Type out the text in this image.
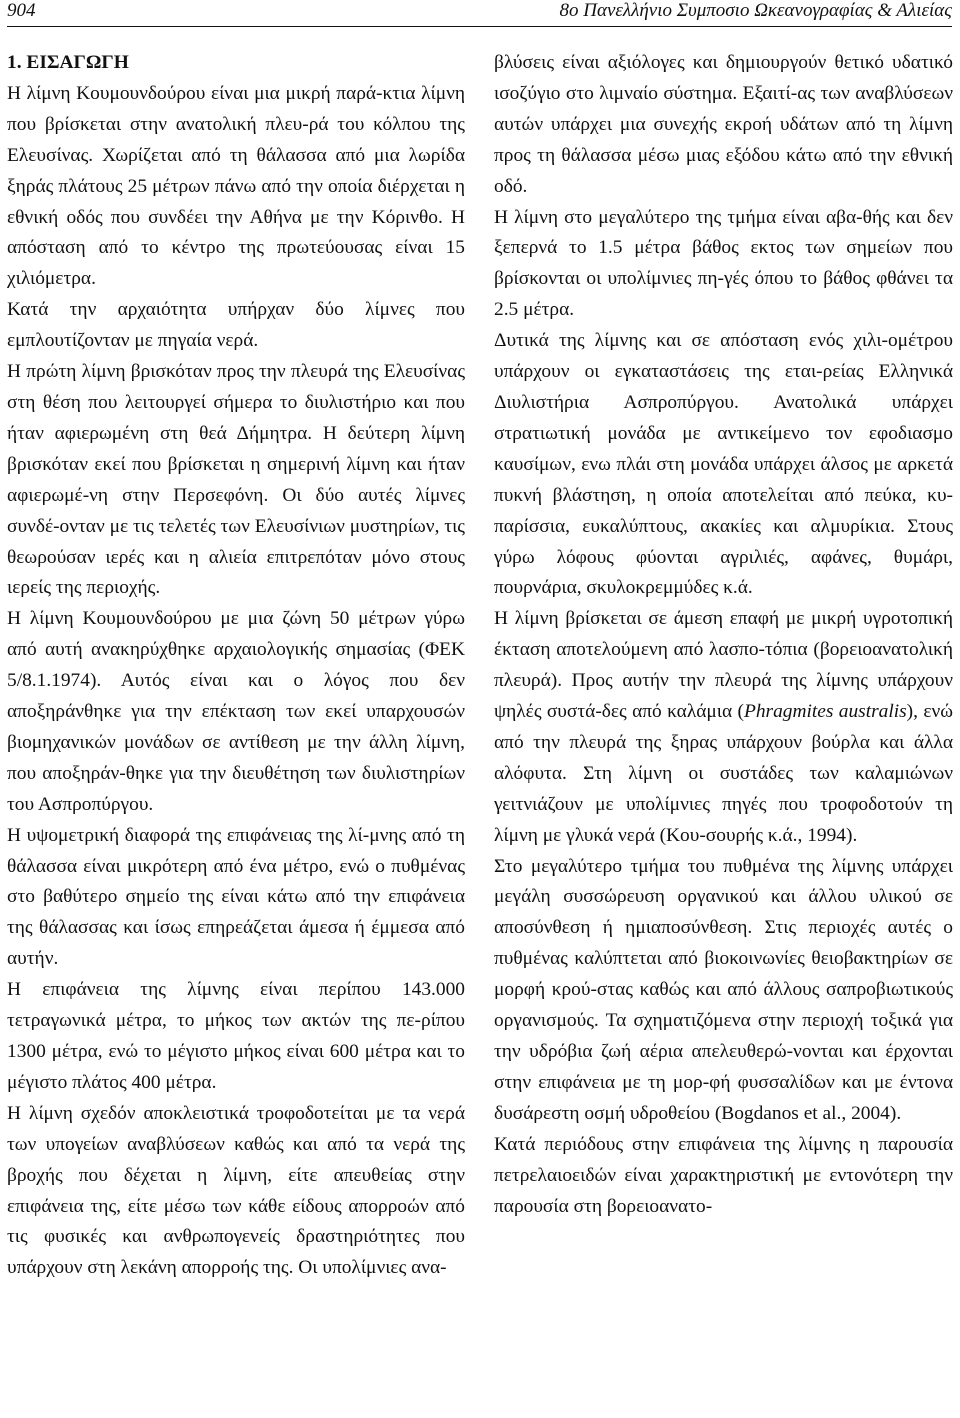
904	8ο Πανελλήνιο Συμποσιο Ωκεανογραφίας & Αλιείας

1. ΕΙΣΑΓΩΓΗ

Η λίμνη Κουμουνδούρου είναι μια μικρή παρά-κτια λίμνη που βρίσκεται στην ανατολική πλευ-ρά του κόλπου της Ελευσίνας. Χωρίζεται από τη θάλασσα από μια λωρίδα ξηράς πλάτους 25 μέτρων πάνω από την οποία διέρχεται η εθνική οδός που συνδέει την Αθήνα με την Κόρινθο. Η απόσταση από το κέντρο της πρωτεύουσας είναι 15 χιλιόμετρα.

Κατά την αρχαιότητα υπήρχαν δύο λίμνες που εμπλουτίζονταν με πηγαία νερά.

Η πρώτη λίμνη βρισκόταν προς την πλευρά της Ελευσίνας στη θέση που λειτουργεί σήμερα το διυλιστήριο και που ήταν αφιερωμένη στη θεά Δήμητρα. Η δεύτερη λίμνη βρισκόταν εκεί που βρίσκεται η σημερινή λίμνη και ήταν αφιερωμέ-νη στην Περσεφόνη. Οι δύο αυτές λίμνες συνδέ-ονταν με τις τελετές των Ελευσίνιων μυστηρίων, τις θεωρούσαν ιερές και η αλιεία επιτρεπόταν μόνο στους ιερείς της περιοχής.

Η λίμνη Κουμουνδούρου με μια ζώνη 50 μέτρων γύρω από αυτή ανακηρύχθηκε αρχαιολογικής σημασίας (ΦΕΚ 5/8.1.1974). Αυτός είναι και ο λόγος που δεν αποξηράνθηκε για την επέκταση των εκεί υπαρχουσών βιομηχανικών μονάδων σε αντίθεση με την άλλη λίμνη, που αποξηράν-θηκε για την διευθέτηση των διυλιστηρίων του Ασπροπύργου.

Η υψομετρική διαφορά της επιφάνειας της λί-μνης από τη θάλασσα είναι μικρότερη από ένα μέτρο, ενώ ο πυθμένας στο βαθύτερο σημείο της είναι κάτω από την επιφάνεια της θάλασσας και ίσως επηρεάζεται άμεσα ή έμμεσα από αυτήν.

Η επιφάνεια της λίμνης είναι περίπου 143.000 τετραγωνικά μέτρα, το μήκος των ακτών της πε-ρίπου 1300 μέτρα, ενώ το μέγιστο μήκος είναι 600 μέτρα και το μέγιστο πλάτος 400 μέτρα.

Η λίμνη σχεδόν αποκλειστικά τροφοδοτείται με τα νερά των υπογείων αναβλύσεων καθώς και από τα νερά της βροχής που δέχεται η λίμνη, είτε απευθείας στην επιφάνεια της, είτε μέσω των κάθε είδους απορροών από τις φυσικές και ανθρωπογενείς δραστηριότητες που υπάρχουν στη λεκάνη απορροής της. Οι υπολίμνιες ανα-

βλύσεις είναι αξιόλογες και δημιουργούν θετικό υδατικό ισοζύγιο στο λιμναίο σύστημα. Εξαιτί-ας των αναβλύσεων αυτών υπάρχει μια συνεχής εκροή υδάτων από τη λίμνη προς τη θάλασσα μέσω μιας εξόδου κάτω από την εθνική οδό.

Η λίμνη στο μεγαλύτερο της τμήμα είναι αβα-θής και δεν ξεπερνά το 1.5 μέτρα βάθος εκτος των σημείων που βρίσκονται οι υπολίμνιες πη-γές όπου το βάθος φθάνει τα 2.5 μέτρα.

Δυτικά της λίμνης και σε απόσταση ενός χιλι-ομέτρου υπάρχουν οι εγκαταστάσεις της εται-ρείας Ελληνικά Διυλιστήρια Ασπροπύργου. Ανατολικά υπάρχει στρατιωτική μονάδα με αντικείμενο τον εφοδιασμο καυσίμων, ενω πλάι στη μονάδα υπάρχει άλσος με αρκετά πυκνή βλάστηση, η οποία αποτελείται από πεύκα, κυ-παρίσσια, ευκαλύπτους, ακακίες και αλμυρίκια. Στους γύρω λόφους φύονται αγριλιές, αφάνες, θυμάρι, πουρνάρια, σκυλοκρεμμύδες κ.ά.

Η λίμνη βρίσκεται σε άμεση επαφή με μικρή υγροτοπική έκταση αποτελούμενη από λασπο-τόπια (βορειοανατολική πλευρά). Προς αυτήν την πλευρά της λίμνης υπάρχουν ψηλές συστά-δες από καλάμια (Phragmites australis), ενώ από την πλευρά της ξηρας υπάρχουν βούρλα και άλλα αλόφυτα. Στη λίμνη οι συστάδες των καλαμιώνων γειτνιάζουν με υπολίμνιες πηγές που τροφοδοτούν τη λίμνη με γλυκά νερά (Κου-σουρής κ.ά., 1994).

Στο μεγαλύτερο τμήμα του πυθμένα της λίμνης υπάρχει μεγάλη συσσώρευση οργανικού και άλλου υλικού σε αποσύνθεση ή ημιαποσύνθεση. Στις περιοχές αυτές ο πυθμένας καλύπτεται από βιοκοινωνίες θειοβακτηρίων σε μορφή κρού-στας καθώς και από άλλους σαπροβιωτικούς οργανισμούς. Τα σχηματιζόμενα στην περιοχή τοξικά για την υδρόβια ζωή αέρια απελευθερώ-νονται και έρχονται στην επιφάνεια με τη μορ-φή φυσσαλίδων και με έντονα δυσάρεστη οσμή υδροθείου (Bogdanos et al., 2004).

Κατά περιόδους στην επιφάνεια της λίμνης η παρουσία πετρελαιοειδών είναι χαρακτηριστική με εντονότερη την παρουσία στη βορειοανατο-
